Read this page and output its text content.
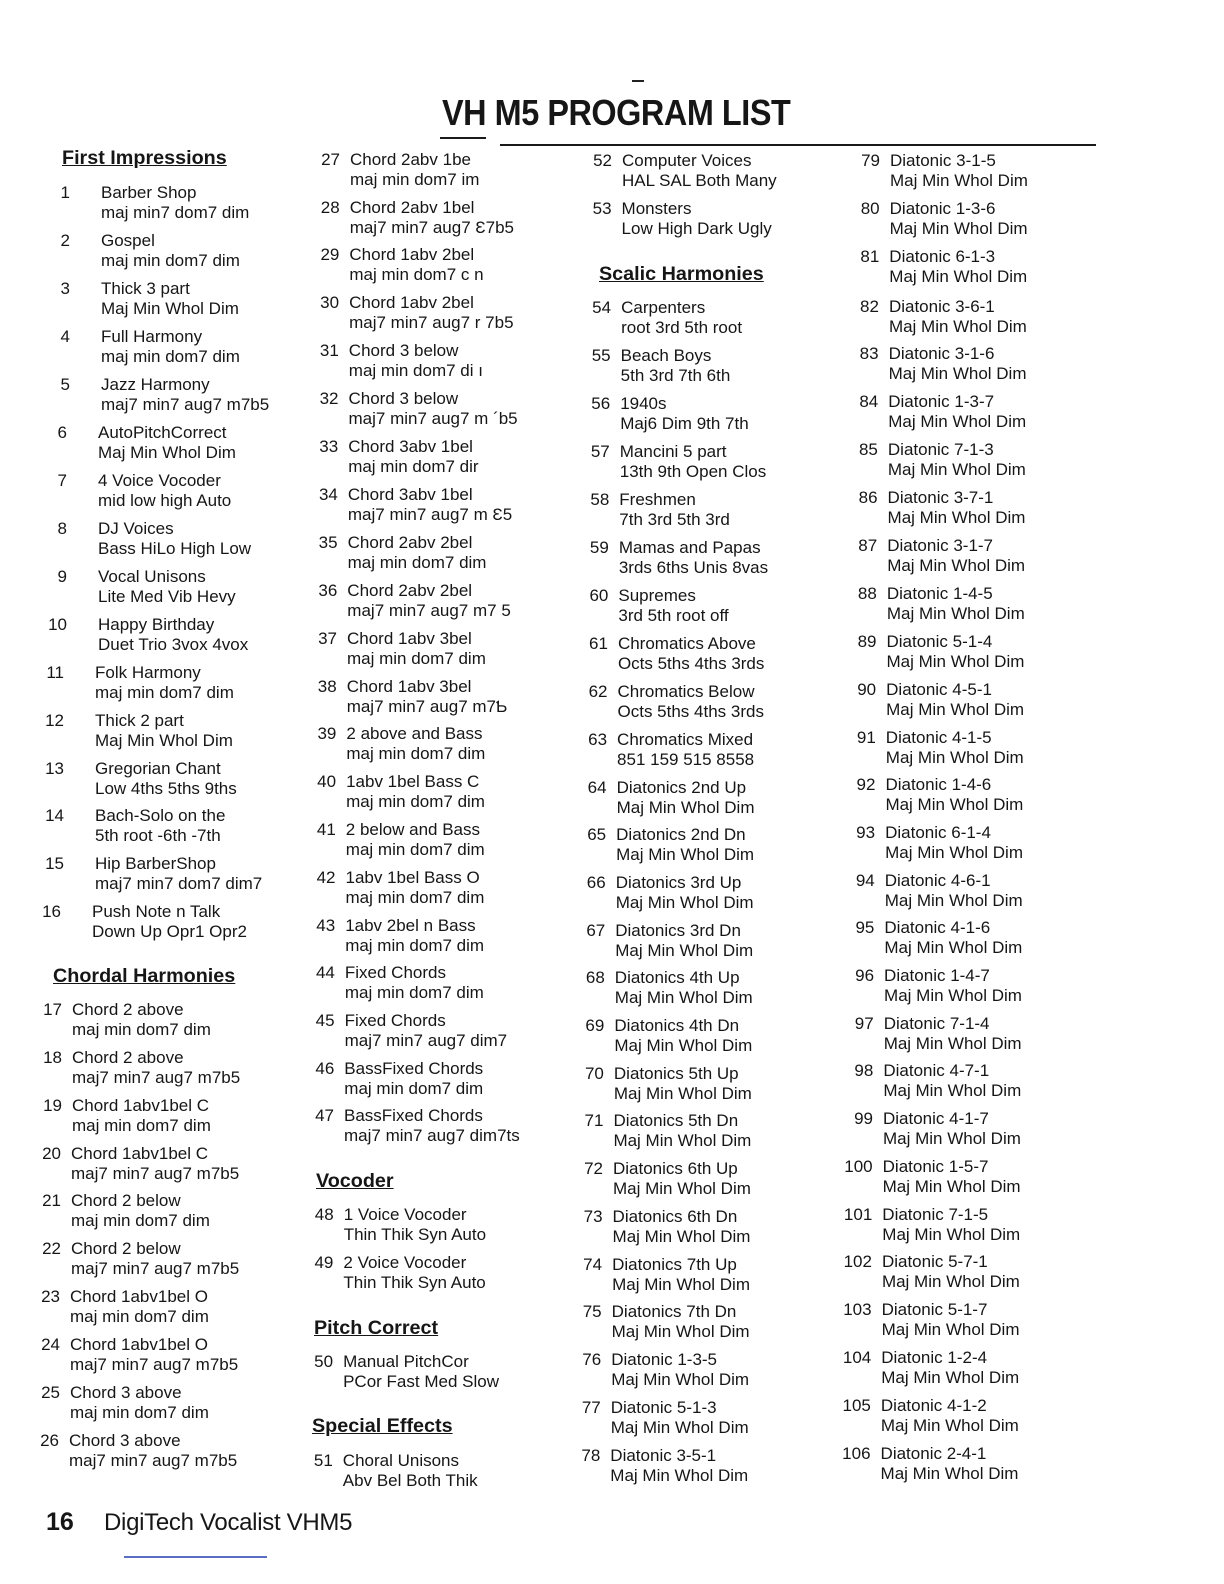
VH M5 PROGRAM LIST
First Impressions
Chordal Harmonies
Vocoder
Pitch Correct
Special Effects
Scalic Harmonies
1 Barber Shop
maj min7 dom7 dim
2 Gospel
maj min dom7 dim
3 Thick 3 part
Maj Min Whol Dim
4 Full Harmony
maj min dom7 dim
5 Jazz Harmony
maj7 min7 aug7 m7b5
6 AutoPitchCorrect
Maj Min Whol Dim
7 4 Voice Vocoder
mid low high Auto
8 DJ Voices
Bass HiLo High Low
9 Vocal Unisons
Lite Med Vib Hevy
10 Happy Birthday
Duet Trio 3vox 4vox
11 Folk Harmony
maj min dom7 dim
12 Thick 2 part
Maj Min Whol Dim
13 Gregorian Chant
Low 4ths 5ths 9ths
14 Bach-Solo on the
5th root -6th -7th
15 Hip BarberShop
maj7 min7 dom7 dim7
16 Push Note n Talk
Down Up Opr1 Opr2
17 Chord 2 above
maj min dom7 dim
18 Chord 2 above
maj7 min7 aug7 m7b5
19 Chord 1abv1bel C
maj min dom7 dim
20 Chord 1abv1bel C
maj7 min7 aug7 m7b5
21 Chord 2 below
maj min dom7 dim
22 Chord 2 below
maj7 min7 aug7 m7b5
23 Chord 1abv1bel O
maj min dom7 dim
24 Chord 1abv1bel O
maj7 min7 aug7 m7b5
25 Chord 3 above
maj min dom7 dim
26 Chord 3 above
maj7 min7 aug7 m7b5
27 Chord 2abv 1be
maj min dom7 im
28 Chord 2abv 1bel
maj7 min7 aug7 Ɛ7b5
29 Chord 1abv 2bel
maj min dom7 c n
30 Chord 1abv 2bel
maj7 min7 aug7 r 7b5
31 Chord 3 below
maj min dom7 di ı
32 Chord 3 below
maj7 min7 aug7 m ´b5
33 Chord 3abv 1bel
maj min dom7 dir
34 Chord 3abv 1bel
maj7 min7 aug7 m Ɛ5
35 Chord 2abv 2bel
maj min dom7 dim
36 Chord 2abv 2bel
maj7 min7 aug7 m7 5
37 Chord 1abv 3bel
maj min dom7 dim
38 Chord 1abv 3bel
maj7 min7 aug7 m7Ƅ
39 2 above and Bass
maj min dom7 dim
40 1abv 1bel Bass C
maj min dom7 dim
41 2 below and Bass
maj min dom7 dim
42 1abv 1bel Bass O
maj min dom7 dim
43 1abv 2bel n Bass
maj min dom7 dim
44 Fixed Chords
maj min dom7 dim
45 Fixed Chords
maj7 min7 aug7 dim7
46 BassFixed Chords
maj min dom7 dim
47 BassFixed Chords
maj7 min7 aug7 dim7ts
48 1 Voice Vocoder
Thin Thik Syn Auto
49 2 Voice Vocoder
Thin Thik Syn Auto
50 Manual PitchCor
PCor Fast Med Slow
51 Choral Unisons
Abv Bel Both Thik
52 Computer Voices
HAL SAL Both Many
53 Monsters
Low High Dark Ugly
54 Carpenters
root 3rd 5th root
55 Beach Boys
5th 3rd 7th 6th
56 1940s
Maj6 Dim 9th 7th
57 Mancini 5 part
13th 9th Open Clos
58 Freshmen
7th 3rd 5th 3rd
59 Mamas and Papas
3rds 6ths Unis 8vas
60 Supremes
3rd 5th root off
61 Chromatics Above
Octs 5ths 4ths 3rds
62 Chromatics Below
Octs 5ths 4ths 3rds
63 Chromatics Mixed
851 159 515 8558
64 Diatonics 2nd Up
Maj Min Whol Dim
65 Diatonics 2nd Dn
Maj Min Whol Dim
66 Diatonics 3rd Up
Maj Min Whol Dim
67 Diatonics 3rd Dn
Maj Min Whol Dim
68 Diatonics 4th Up
Maj Min Whol Dim
69 Diatonics 4th Dn
Maj Min Whol Dim
70 Diatonics 5th Up
Maj Min Whol Dim
71 Diatonics 5th Dn
Maj Min Whol Dim
72 Diatonics 6th Up
Maj Min Whol Dim
73 Diatonics 6th Dn
Maj Min Whol Dim
74 Diatonics 7th Up
Maj Min Whol Dim
75 Diatonics 7th Dn
Maj Min Whol Dim
76 Diatonic 1-3-5
Maj Min Whol Dim
77 Diatonic 5-1-3
Maj Min Whol Dim
78 Diatonic 3-5-1
Maj Min Whol Dim
79 Diatonic 3-1-5
Maj Min Whol Dim
80 Diatonic 1-3-6
Maj Min Whol Dim
81 Diatonic 6-1-3
Maj Min Whol Dim
82 Diatonic 3-6-1
Maj Min Whol Dim
83 Diatonic 3-1-6
Maj Min Whol Dim
84 Diatonic 1-3-7
Maj Min Whol Dim
85 Diatonic 7-1-3
Maj Min Whol Dim
86 Diatonic 3-7-1
Maj Min Whol Dim
87 Diatonic 3-1-7
Maj Min Whol Dim
88 Diatonic 1-4-5
Maj Min Whol Dim
89 Diatonic 5-1-4
Maj Min Whol Dim
90 Diatonic 4-5-1
Maj Min Whol Dim
91 Diatonic 4-1-5
Maj Min Whol Dim
92 Diatonic 1-4-6
Maj Min Whol Dim
93 Diatonic 6-1-4
Maj Min Whol Dim
94 Diatonic 4-6-1
Maj Min Whol Dim
95 Diatonic 4-1-6
Maj Min Whol Dim
96 Diatonic 1-4-7
Maj Min Whol Dim
97 Diatonic 7-1-4
Maj Min Whol Dim
98 Diatonic 4-7-1
Maj Min Whol Dim
99 Diatonic 4-1-7
Maj Min Whol Dim
100 Diatonic 1-5-7
Maj Min Whol Dim
101 Diatonic 7-1-5
Maj Min Whol Dim
102 Diatonic 5-7-1
Maj Min Whol Dim
103 Diatonic 5-1-7
Maj Min Whol Dim
104 Diatonic 1-2-4
Maj Min Whol Dim
105 Diatonic 4-1-2
Maj Min Whol Dim
106 Diatonic 2-4-1
Maj Min Whol Dim
16 DigiTech Vocalist VHM5
